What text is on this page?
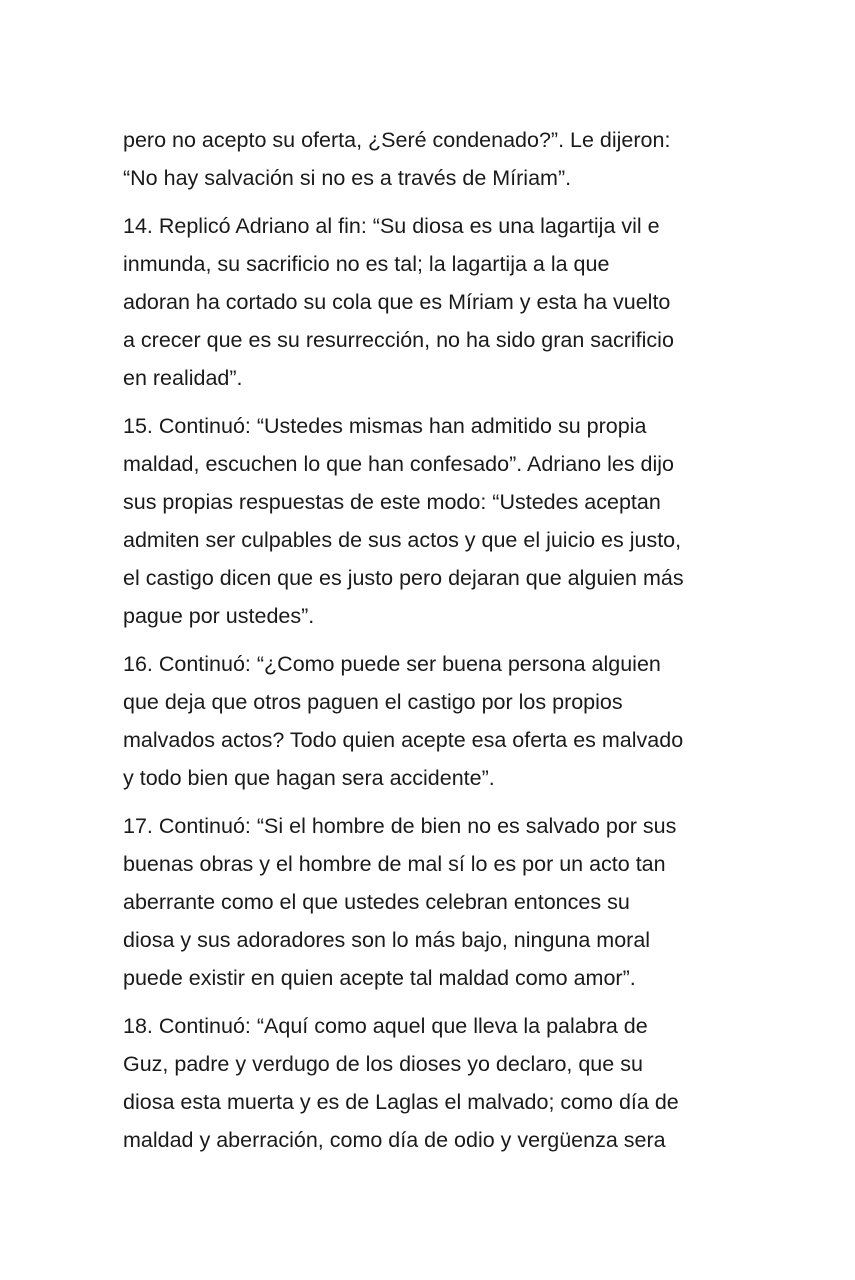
pero no acepto su oferta, ¿Seré condenado?”. Le dijeron:
“No hay salvación si no es a través de Míriam”.

14. Replicó Adriano al fin: “Su diosa es una lagartija vil e
inmunda, su sacrificio no es tal; la lagartija a la que
adoran ha cortado su cola que es Míriam y esta ha vuelto
a crecer que es su resurrección, no ha sido gran sacrificio
en realidad”.

15. Continuó: “Ustedes mismas han admitido su propia
maldad, escuchen lo que han confesado”. Adriano les dijo
sus propias respuestas de este modo: “Ustedes aceptan
admiten ser culpables de sus actos y que el juicio es justo,
el castigo dicen que es justo pero dejaran que alguien más
pague por ustedes”.

16. Continuó: “¿Como puede ser buena persona alguien
que deja que otros paguen el castigo por los propios
malvados actos? Todo quien acepte esa oferta es malvado
y todo bien que hagan sera accidente”.

17. Continuó: “Si el hombre de bien no es salvado por sus
buenas obras y el hombre de mal sí lo es por un acto tan
aberrante como el que ustedes celebran entonces su
diosa y sus adoradores son lo más bajo, ninguna moral
puede existir en quien acepte tal maldad como amor”.

18. Continuó: “Aquí como aquel que lleva la palabra de
Guz, padre y verdugo de los dioses yo declaro, que su
diosa esta muerta y es de Laglas el malvado; como día de
maldad y aberración, como día de odio y vergüenza sera
